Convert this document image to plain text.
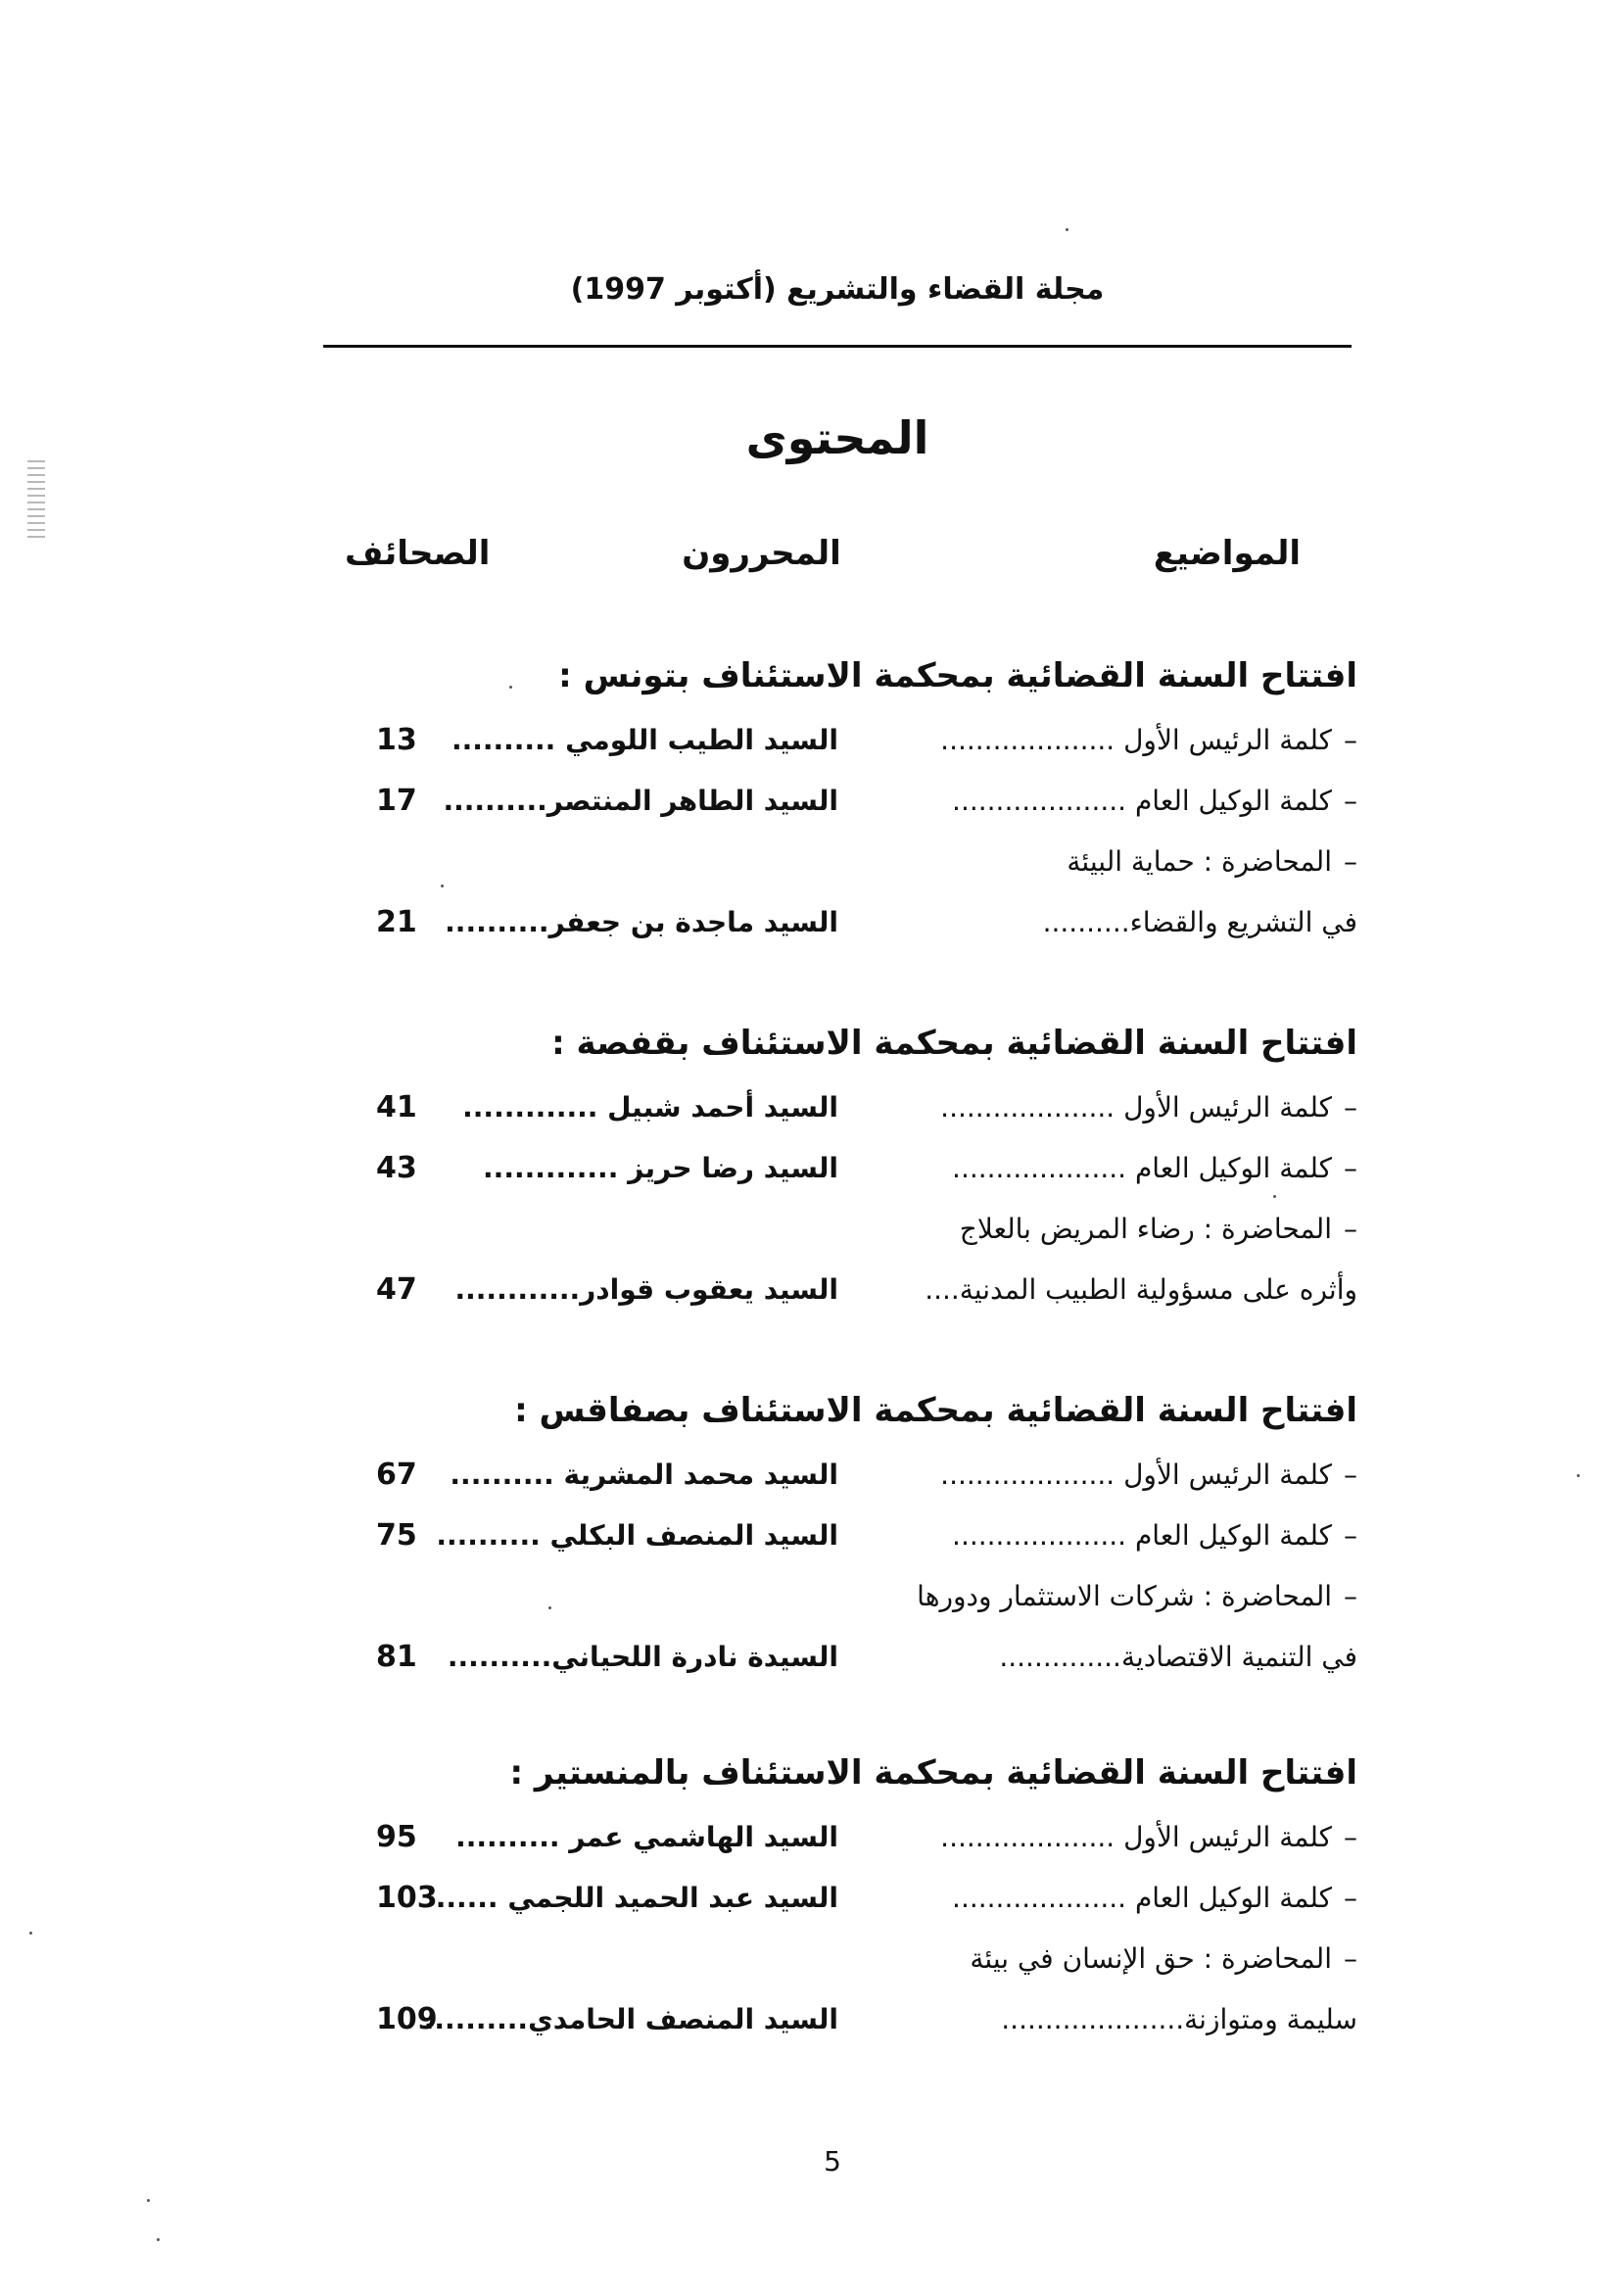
مجلة القضاء والتشريع (أكتوبر 1997)
المحتوى
المواضيع
المحررون
الصحائف
افتتاح السنة القضائية بمحكمة الاستئناف بتونس :
–كلمة الرئيس الأول ....................
السيد الطيب اللومي ..........
13
–كلمة الوكيل العام ....................
السيد الطاهر المنتصر..........
17
–المحاضرة : حماية البيئة
في التشريع والقضاء..........
السيد ماجدة بن جعفر..........
21
افتتاح السنة القضائية بمحكمة الاستئناف بقفصة :
–كلمة الرئيس الأول ....................
السيد أحمد شبيل .............
41
–كلمة الوكيل العام ....................
السيد رضا حريز .............
43
–المحاضرة : رضاء المريض بالعلاج
وأثره على مسؤولية الطبيب المدنية....
السيد يعقوب قوادر............
47
افتتاح السنة القضائية بمحكمة الاستئناف بصفاقس :
–كلمة الرئيس الأول ....................
السيد محمد المشرية ..........
67
–كلمة الوكيل العام ....................
السيد المنصف البكلي ..........
75
–المحاضرة : شركات الاستثمار ودورها
في التنمية الاقتصادية..............
السيدة نادرة اللحياني..........
81
افتتاح السنة القضائية بمحكمة الاستئناف بالمنستير :
–كلمة الرئيس الأول ....................
السيد الهاشمي عمر ..........
95
–كلمة الوكيل العام ....................
السيد عبد الحميد اللجمي ......
103
–المحاضرة : حق الإنسان في بيئة
سليمة ومتوازنة.....................
السيد المنصف الحامدي..........
109
5
